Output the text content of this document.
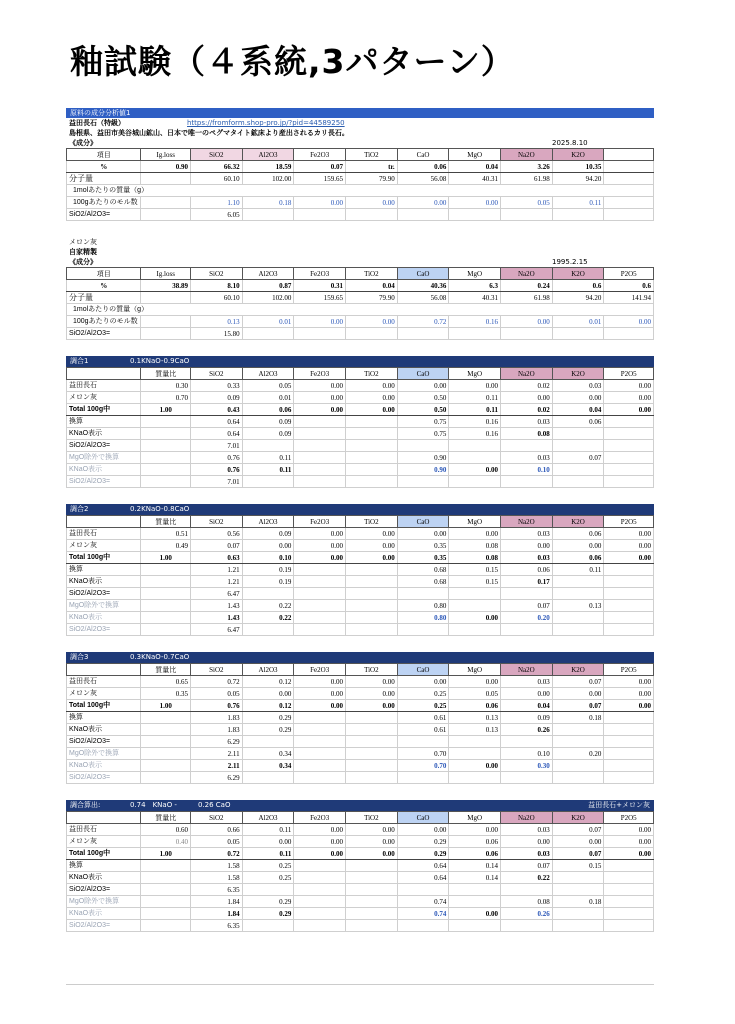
釉試験（４系統,3パターン）
原料の成分分析値1
益田長石（特級）	https://fromform.shop-pro.jp/?pid=44589250
島根県、益田市美谷城山鉱山、日本で唯一のペグマタイト鉱床より産出されるカリ長石。
《成分》	2025.8.10
項目	Ig.loss	SiO2	Al2O3	Fe2O3	TiO2	CaO	MgO	Na2O	K2O	
%	0.90	66.32	18.59	0.07	tr.	0.06	0.04	3.26	10.35	
分子量		60.10	102.00	159.65	79.90	56.08	40.31	61.98	94.20	
1molあたりの質量（g）										
100gあたりのモル数		1.10	0.18	0.00	0.00	0.00	0.00	0.05	0.11	
SiO2/Al2O3=		6.05								
メロン灰
自家精製
《成分》	1995.2.15
項目	Ig.loss	SiO2	Al2O3	Fe2O3	TiO2	CaO	MgO	Na2O	K2O	P2O5
%	38.89	8.10	0.87	0.31	0.04	40.36	6.3	0.24	0.6	0.6
分子量		60.10	102.00	159.65	79.90	56.08	40.31	61.98	94.20	141.94
1molあたりの質量（g）										
100gあたりのモル数		0.13	0.01	0.00	0.00	0.72	0.16	0.00	0.01	0.00
SiO2/Al2O3=		15.80								
調合1	0.1KNaO-0.9CaO
	質量比	SiO2	Al2O3	Fe2O3	TiO2	CaO	MgO	Na2O	K2O	P2O5
益田長石	0.30	0.33	0.05	0.00	0.00	0.00	0.00	0.02	0.03	0.00
メロン灰	0.70	0.09	0.01	0.00	0.00	0.50	0.11	0.00	0.00	0.00
Total 100g中	1.00	0.43	0.06	0.00	0.00	0.50	0.11	0.02	0.04	0.00
換算		0.64	0.09			0.75	0.16	0.03	0.06	
KNaO表示		0.64	0.09			0.75	0.16	0.08		
SiO2/Al2O3=		7.01								
MgO除外で換算		0.76	0.11			0.90		0.03	0.07	
KNaO表示		0.76	0.11			0.90	0.00	0.10		
SiO2/Al2O3=		7.01								
調合2	0.2KNaO-0.8CaO
	質量比	SiO2	Al2O3	Fe2O3	TiO2	CaO	MgO	Na2O	K2O	P2O5
益田長石	0.51	0.56	0.09	0.00	0.00	0.00	0.00	0.03	0.06	0.00
メロン灰	0.49	0.07	0.00	0.00	0.00	0.35	0.08	0.00	0.00	0.00
Total 100g中	1.00	0.63	0.10	0.00	0.00	0.35	0.08	0.03	0.06	0.00
換算		1.21	0.19			0.68	0.15	0.06	0.11	
KNaO表示		1.21	0.19			0.68	0.15	0.17		
SiO2/Al2O3=		6.47								
MgO除外で換算		1.43	0.22			0.80		0.07	0.13	
KNaO表示		1.43	0.22			0.80	0.00	0.20		
SiO2/Al2O3=		6.47								
調合3	0.3KNaO-0.7CaO
	質量比	SiO2	Al2O3	Fe2O3	TiO2	CaO	MgO	Na2O	K2O	P2O5
益田長石	0.65	0.72	0.12	0.00	0.00	0.00	0.00	0.03	0.07	0.00
メロン灰	0.35	0.05	0.00	0.00	0.00	0.25	0.05	0.00	0.00	0.00
Total 100g中	1.00	0.76	0.12	0.00	0.00	0.25	0.06	0.04	0.07	0.00
換算		1.83	0.29			0.61	0.13	0.09	0.18	
KNaO表示		1.83	0.29			0.61	0.13	0.26		
SiO2/Al2O3=		6.29								
MgO除外で換算		2.11	0.34			0.70		0.10	0.20	
KNaO表示		2.11	0.34			0.70	0.00	0.30		
SiO2/Al2O3=		6.29								
調合算出:	0.74　KNaO -　　　0.26 CaO	益田長石+メロン灰
	質量比	SiO2	Al2O3	Fe2O3	TiO2	CaO	MgO	Na2O	K2O	P2O5
益田長石	0.60	0.66	0.11	0.00	0.00	0.00	0.00	0.03	0.07	0.00
メロン灰	0.40	0.05	0.00	0.00	0.00	0.29	0.06	0.00	0.00	0.00
Total 100g中	1.00	0.72	0.11	0.00	0.00	0.29	0.06	0.03	0.07	0.00
換算		1.58	0.25			0.64	0.14	0.07	0.15	
KNaO表示		1.58	0.25			0.64	0.14	0.22		
SiO2/Al2O3=		6.35								
MgO除外で換算		1.84	0.29			0.74		0.08	0.18	
KNaO表示		1.84	0.29			0.74	0.00	0.26		
SiO2/Al2O3=		6.35								
